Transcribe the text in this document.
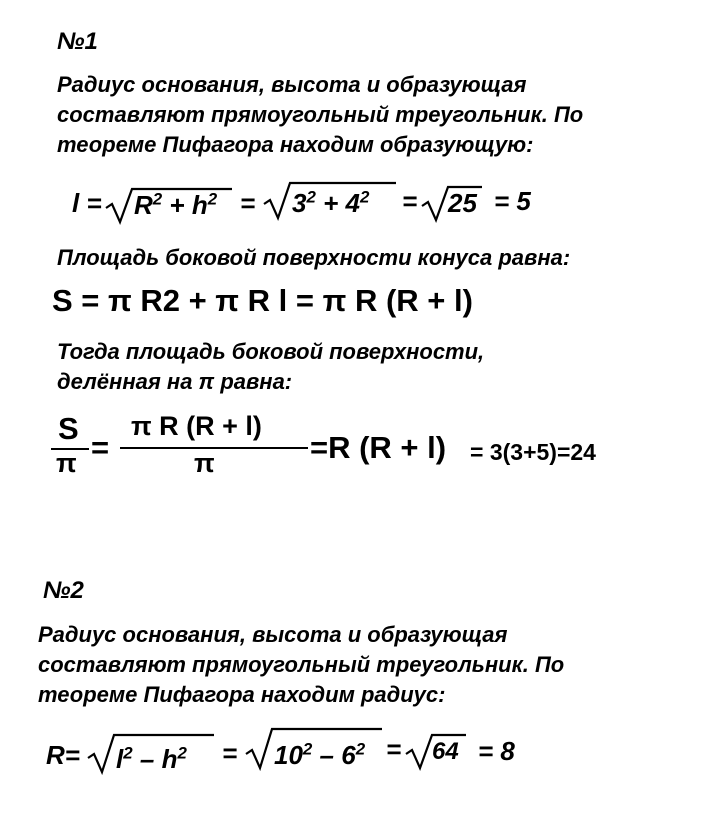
№1
Радиус основания, высота и образующая
составляют прямоугольный треугольник. По
теореме Пифагора находим образующую:
$l = R^2 + h^2 = 3^2 + 4^2 = 25 = 5$
Площадь боковой поверхности конуса равна:
S = π R2 + π R l = π R (R + l)
Тогда площадь боковой поверхности,
делённая на π равна:
S
π =
π R (R + l)
π	=R (R + l) = 3(3+5)=24
№2
Радиус основания, высота и образующая
составляют прямоугольный треугольник. По
теореме Пифагора находим радиус:
$R= l^2 - h^2 = 10^2 - 6^2 = 64 = 8$
